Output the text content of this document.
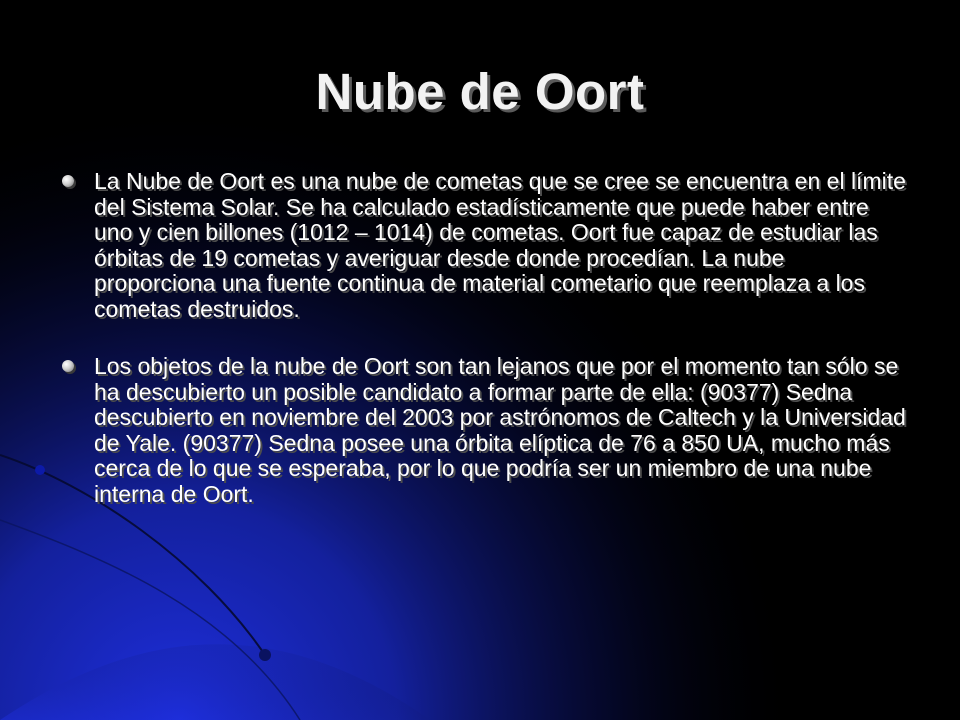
Nube de Oort
La Nube de Oort es una nube de cometas que se cree se encuentra en el límite del Sistema Solar. Se ha calculado estadísticamente que puede haber entre uno y cien billones (1012 – 1014) de cometas. Oort fue capaz de estudiar las órbitas de 19 cometas y averiguar desde donde procedían. La nube proporciona una fuente continua de material cometario que reemplaza a los cometas destruidos.
Los objetos de la nube de Oort son tan lejanos que por el momento tan sólo se ha descubierto un posible candidato a formar parte de ella: (90377) Sedna descubierto en noviembre del 2003 por astrónomos de Caltech y la Universidad de Yale. (90377) Sedna posee una órbita elíptica de 76 a 850 UA, mucho más cerca de lo que se esperaba, por lo que podría ser un miembro de una nube interna de Oort.
